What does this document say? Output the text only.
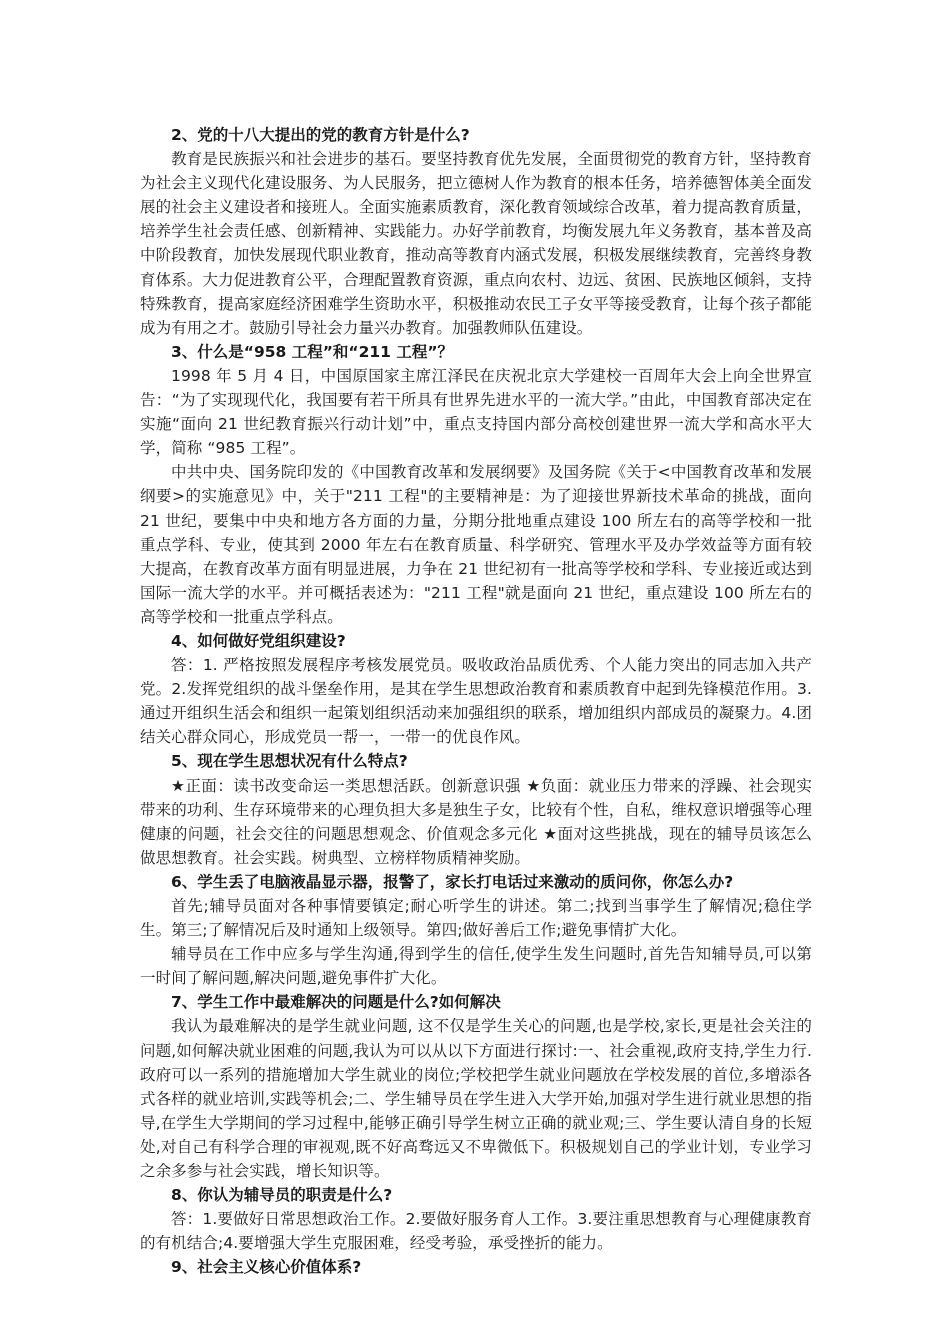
2、党的十八大提出的党的教育方针是什么?

教育是民族振兴和社会进步的基石。要坚持教育优先发展，全面贯彻党的教育方针，坚持教育为社会主义现代化建设服务、为人民服务，把立德树人作为教育的根本任务，培养德智体美全面发展的社会主义建设者和接班人。全面实施素质教育，深化教育领域综合改革，着力提高教育质量，培养学生社会责任感、创新精神、实践能力。办好学前教育，均衡发展九年义务教育，基本普及高中阶段教育，加快发展现代职业教育，推动高等教育内涵式发展，积极发展继续教育，完善终身教育体系。大力促进教育公平，合理配置教育资源，重点向农村、边远、贫困、民族地区倾斜，支持特殊教育，提高家庭经济困难学生资助水平，积极推动农民工子女平等接受教育，让每个孩子都能成为有用之才。鼓励引导社会力量兴办教育。加强教师队伍建设。

3、什么是“958 工程”和“211 工程”？

1998 年 5 月 4 日，中国原国家主席江泽民在庆祝北京大学建校一百周年大会上向全世界宣告：“为了实现现代化，我国要有若干所具有世界先进水平的一流大学。”由此，中国教育部决定在实施“面向 21 世纪教育振兴行动计划”中，重点支持国内部分高校创建世界一流大学和高水平大学，简称 “985 工程”。

中共中央、国务院印发的《中国教育改革和发展纲要》及国务院《关于<中国教育改革和发展纲要>的实施意见》中，关于"211 工程"的主要精神是：为了迎接世界新技术革命的挑战，面向 21 世纪，要集中中央和地方各方面的力量，分期分批地重点建设 100 所左右的高等学校和一批重点学科、专业，使其到 2000 年左右在教育质量、科学研究、管理水平及办学效益等方面有较大提高，在教育改革方面有明显进展，力争在 21 世纪初有一批高等学校和学科、专业接近或达到国际一流大学的水平。并可概括表述为："211 工程"就是面向 21 世纪，重点建设 100 所左右的高等学校和一批重点学科点。

4、如何做好党组织建设?

答：1. 严格按照发展程序考核发展党员。吸收政治品质优秀、个人能力突出的同志加入共产党。2.发挥党组织的战斗堡垒作用，是其在学生思想政治教育和素质教育中起到先锋模范作用。3.通过开组织生活会和组织一起策划组织活动来加强组织的联系，增加组织内部成员的凝聚力。4.团结关心群众同心，形成党员一帮一，一带一的优良作风。

5、现在学生思想状况有什么特点?

★正面：读书改变命运一类思想活跃。创新意识强 ★负面：就业压力带来的浮躁、社会现实带来的功利、生存环境带来的心理负担大多是独生子女，比较有个性，自私，维权意识增强等心理健康的问题，社会交往的问题思想观念、价值观念多元化 ★面对这些挑战，现在的辅导员该怎么做思想教育。社会实践。树典型、立榜样物质精神奖励。

6、学生丢了电脑液晶显示器，报警了，家长打电话过来激动的质问你，你怎么办?

首先;辅导员面对各种事情要镇定;耐心听学生的讲述。第二;找到当事学生了解情况;稳住学生。第三;了解情况后及时通知上级领导。第四;做好善后工作;避免事情扩大化。

辅导员在工作中应多与学生沟通,得到学生的信任,使学生发生问题时,首先告知辅导员,可以第一时间了解问题,解决问题,避免事件扩大化。

7、学生工作中最难解决的问题是什么?如何解决

我认为最难解决的是学生就业问题, 这不仅是学生关心的问题,也是学校,家长,更是社会关注的问题,如何解决就业困难的问题,我认为可以从以下方面进行探讨:一、社会重视,政府支持,学生力行.政府可以一系列的措施增加大学生就业的岗位;学校把学生就业问题放在学校发展的首位,多增添各式各样的就业培训,实践等机会;二、学生辅导员在学生进入大学开始,加强对学生进行就业思想的指导,在学生大学期间的学习过程中,能够正确引导学生树立正确的就业观;三、学生要认清自身的长短处,对自己有科学合理的审视观,既不好高骛远又不卑微低下。积极规划自己的学业计划，专业学习之余多参与社会实践，增长知识等。

8、你认为辅导员的职责是什么?

答：1.要做好日常思想政治工作。2.要做好服务育人工作。3.要注重思想教育与心理健康教育的有机结合;4.要增强大学生克服困难，经受考验，承受挫折的能力。

9、社会主义核心价值体系?
